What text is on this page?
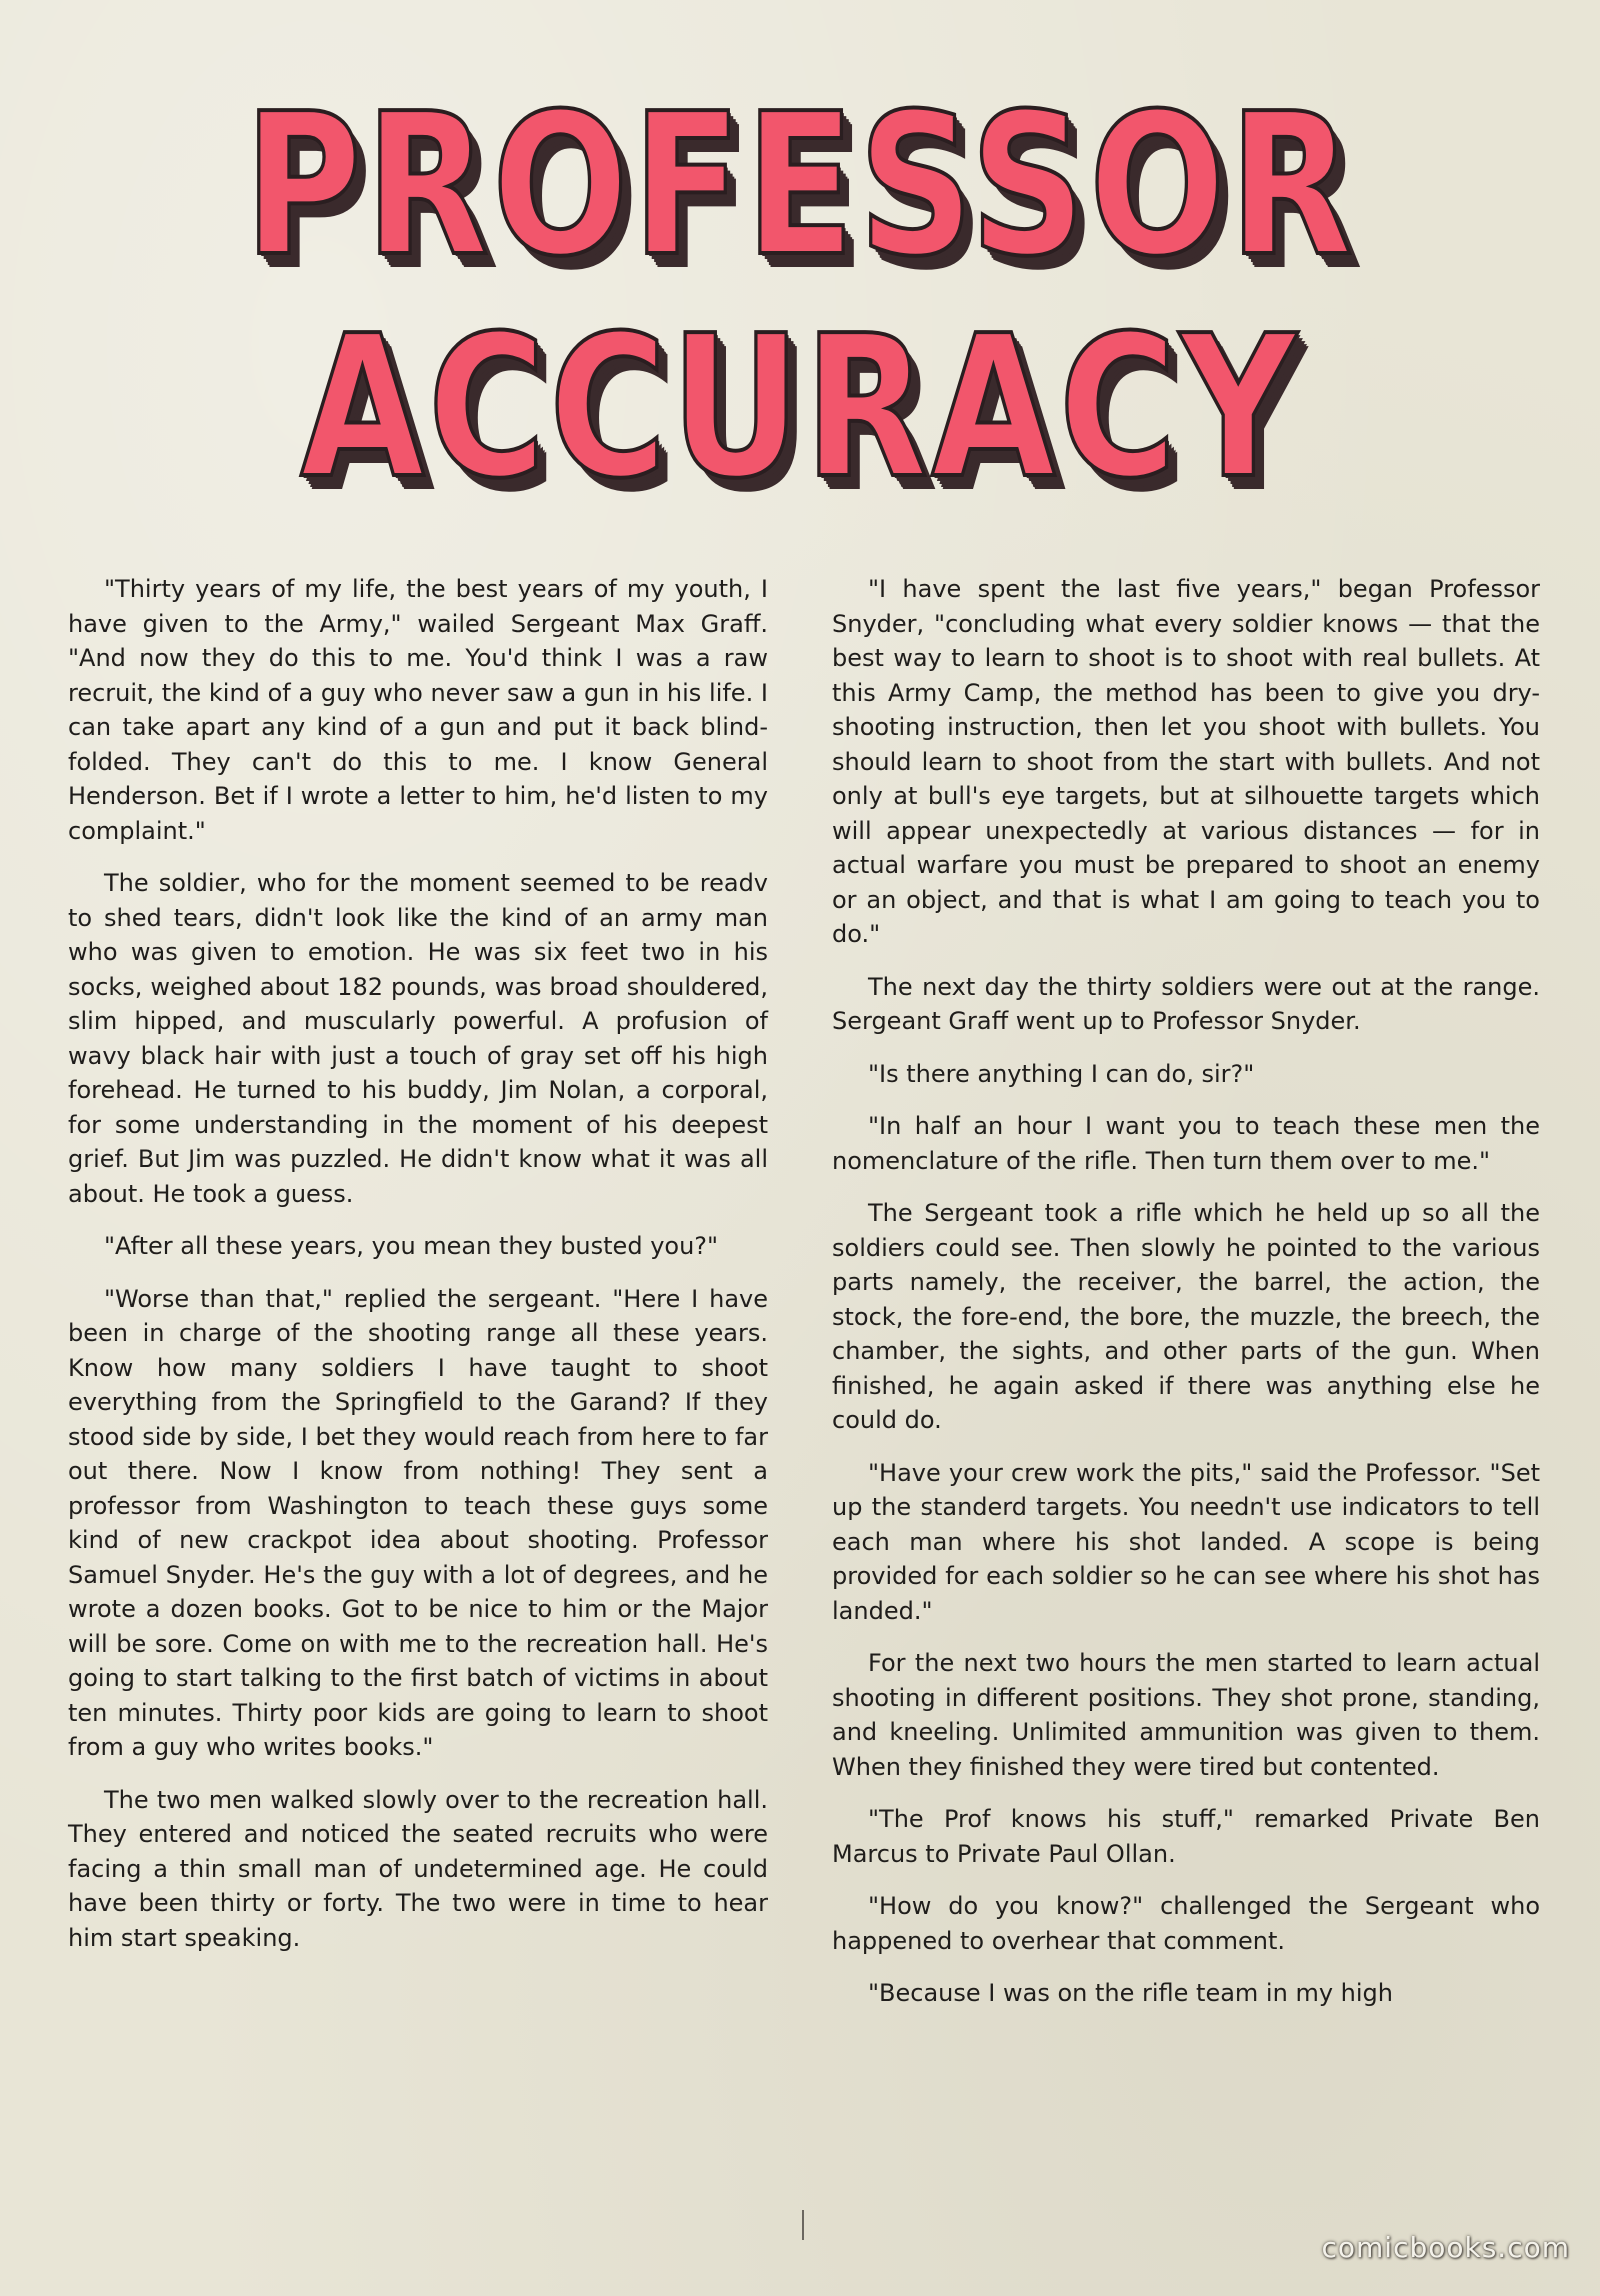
PROFESSOR
ACCURACY

"Thirty years of my life, the best years of my youth, I have given to the Army," wailed Sergeant Max Graff. "And now they do this to me. You'd think I was a raw recruit, the kind of a guy who never saw a gun in his life. I can take apart any kind of a gun and put it back blindfolded. They can't do this to me. I know General Henderson. Bet if I wrote a letter to him, he'd listen to my complaint."

The soldier, who for the moment seemed to be readv to shed tears, didn't look like the kind of an army man who was given to emotion. He was six feet two in his socks, weighed about 182 pounds, was broad shouldered, slim hipped, and muscularly powerful. A profusion of wavy black hair with just a touch of gray set off his high forehead. He turned to his buddy, Jim Nolan, a corporal, for some understanding in the moment of his deepest grief. But Jim was puzzled. He didn't know what it was all about. He took a guess.

"After all these years, you mean they busted you?"

"Worse than that," replied the sergeant. "Here I have been in charge of the shooting range all these years. Know how many soldiers I have taught to shoot everything from the Springfield to the Garand? If they stood side by side, I bet they would reach from here to far out there. Now I know from nothing! They sent a professor from Washington to teach these guys some kind of new crackpot idea about shooting. Professor Samuel Snyder. He's the guy with a lot of degrees, and he wrote a dozen books. Got to be nice to him or the Major will be sore. Come on with me to the recreation hall. He's going to start talking to the first batch of victims in about ten minutes. Thirty poor kids are going to learn to shoot from a guy who writes books."

The two men walked slowly over to the recreation hall. They entered and noticed the seated recruits who were facing a thin small man of undetermined age. He could have been thirty or forty. The two were in time to hear him start speaking.

"I have spent the last five years," began Professor Snyder, "concluding what every soldier knows — that the best way to learn to shoot is to shoot with real bullets. At this Army Camp, the method has been to give you dry-shooting instruction, then let you shoot with bullets. You should learn to shoot from the start with bullets. And not only at bull's eye targets, but at silhouette targets which will appear unexpectedly at various distances — for in actual warfare you must be prepared to shoot an enemy or an object, and that is what I am going to teach you to do."

The next day the thirty soldiers were out at the range. Sergeant Graff went up to Professor Snyder.

"Is there anything I can do, sir?"

"In half an hour I want you to teach these men the nomenclature of the rifle. Then turn them over to me."

The Sergeant took a rifle which he held up so all the soldiers could see. Then slowly he pointed to the various parts namely, the receiver, the barrel, the action, the stock, the fore-end, the bore, the muzzle, the breech, the chamber, the sights, and other parts of the gun. When finished, he again asked if there was anything else he could do.

"Have your crew work the pits," said the Professor. "Set up the standerd targets. You needn't use indicators to tell each man where his shot landed. A scope is being provided for each soldier so he can see where his shot has landed."

For the next two hours the men started to learn actual shooting in different positions. They shot prone, standing, and kneeling. Unlimited ammunition was given to them. When they finished they were tired but contented.

"The Prof knows his stuff," remarked Private Ben Marcus to Private Paul Ollan.

"How do you know?" challenged the Sergeant who happened to overhear that comment.

"Because I was on the rifle team in my high

comicbooks.com
